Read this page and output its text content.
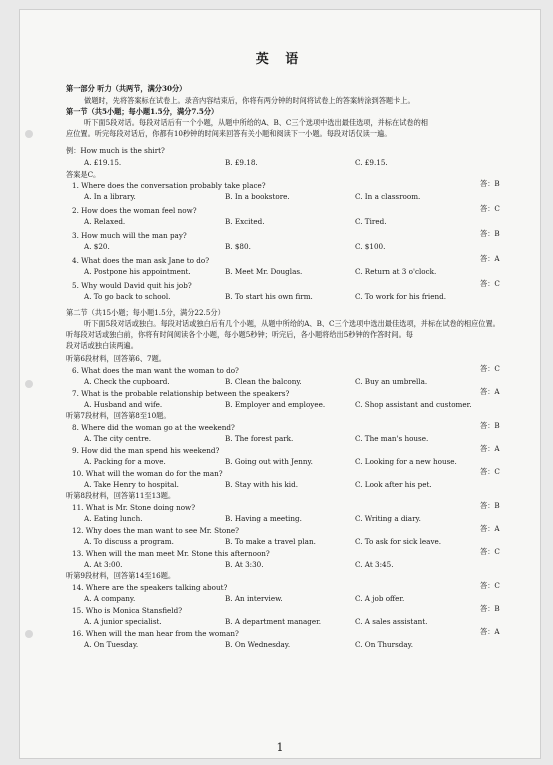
英 语
第一部分 听力（共两节，满分30分）
做题时，先将答案标在试卷上。录音内容结束后，你将有两分钟的时间将试卷上的答案转涂到答题卡上。
第一节（共5小题；每小题1.5分，满分7.5分）
听下面5段对话。每段对话后有一个小题，从题中所给的A、B、C三个选项中选出最佳选项，并标在试卷的相
应位置。听完每段对话后，你都有10秒钟的时间来回答有关小题和阅读下一小题。每段对话仅读一遍。
例：How much is the shirt?
A. £19.15.	B. £9.18.	C. £9.15.
答案是C。
答：B
1. Where does the conversation probably take place?
A. In a library.	B. In a bookstore.	C. In a classroom.
答：C
2. How does the woman feel now?
A. Relaxed.	B. Excited.	C. Tired.
答：B
3. How much will the man pay?
A. $20.	B. $80.	C. $100.
答：A
4. What does the man ask Jane to do?
A. Postpone his appointment.	B. Meet Mr. Douglas.	C. Return at 3 o'clock.
答：C
5. Why would David quit his job?
A. To go back to school.	B. To start his own firm.	C. To work for his friend.
第二节（共15小题；每小题1.5分，满分22.5分）
听下面5段对话或独白。每段对话或独白后有几个小题，从题中所给的A、B、C三个选项中选出最佳选项，并标在试卷的相应位置。
听每段对话或独白前，你将有时间阅读各个小题，每小题5秒钟；听完后，各小题将给出5秒钟的作答时间。每
段对话或独白读两遍。
听第6段材料，回答第6、7题。
答：C
6. What does the man want the woman to do?
A. Check the cupboard.	B. Clean the balcony.	C. Buy an umbrella.
答：A
7. What is the probable relationship between the speakers?
A. Husband and wife.	B. Employer and employee.	C. Shop assistant and customer.
听第7段材料，回答第8至10题。
答：B
8. Where did the woman go at the weekend?
A. The city centre.	B. The forest park.	C. The man's house.
答：A
9. How did the man spend his weekend?
A. Packing for a move.	B. Going out with Jenny.	C. Looking for a new house.
答：C
10. What will the woman do for the man?
A. Take Henry to hospital.	B. Stay with his kid.	C. Look after his pet.
听第8段材料，回答第11至13题。
答：B
11. What is Mr. Stone doing now?
A. Eating lunch.	B. Having a meeting.	C. Writing a diary.
答：A
12. Why does the man want to see Mr. Stone?
A. To discuss a program.	B. To make a travel plan.	C. To ask for sick leave.
答：C
13. When will the man meet Mr. Stone this afternoon?
A. At 3:00.	B. At 3:30.	C. At 3:45.
听第9段材料，回答第14至16题。
答：C
14. Where are the speakers talking about?
A. A company.	B. An interview.	C. A job offer.
答：B
15. Who is Monica Stansfield?
A. A junior specialist.	B. A department manager.	C. A sales assistant.
答：A
16. When will the man hear from the woman?
A. On Tuesday.	B. On Wednesday.	C. On Thursday.
1
